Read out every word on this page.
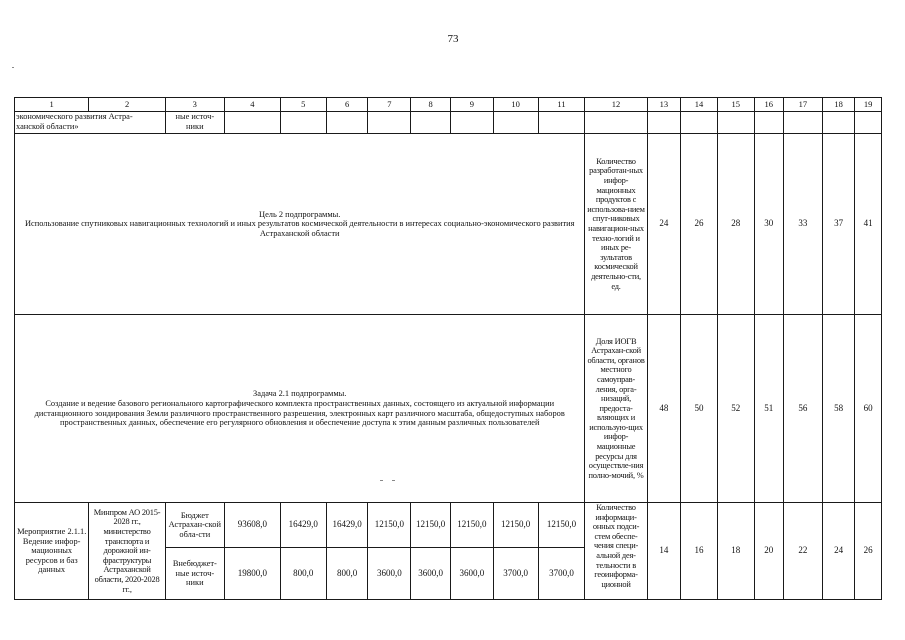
73
1	2	3	4	5	6	7	8	9	10	11	12	13	14	15	16	17	18	19

экономического развития Астра-
ханской области»		ные источ-
ники																

Цель 2 подпрограммы.
Использование спутниковых навигационных технологий и иных результатов космической деятельности в интересах социально-экономического развития Астраханской области											Количество разработан-ных инфор-мационных продуктов с использова-нием спут-никовых навигацион-ных техно-логий и иных ре-зультатов космической деятельно-сти, ед.	24	26	28	30	33	37	41

Задача 2.1 подпрограммы.
Создание и ведение базового регионального картографического комплекта пространственных данных, состоящего из актуальной информации дистанционного зондирования Земли различного пространственного разрешения, электронных карт различного масштаба, общедоступных наборов пространственных данных, обеспечение его регулярного обновления и обеспечение доступа к этим данным различных пользователей											Доля ИОГВ Астрахан-ской области, органов местного самоуправ-ления, орга-низаций, предоста-вляющих и использую-щих инфор-мационные ресурсы для осуществле-ния полно-мочий, %	48	50	52	51	56	58	60
Мероприятие 2.1.1. Ведение инфор-мационных ресурсов и баз данных	Минпром АО 2015-2028 гг., министерство транспорта и дорожной ин-фраструктуры Астраханской области, 2020-2028 гг.,	Бюджет Астрахан-ской обла-сти	93608,0	16429,0	16429,0	12150,0	12150,0	12150,0	12150,0	12150,0	Количество информаци-онных подси-стем обеспе-чения специ-альной дея-тельности в геоинформа-ционной	14	16	18	20	22	24	26
		Внебюджет-ные источ-ники	19800,0	800,0	800,0	3600,0	3600,0	3600,0	3700,0	3700,0								
